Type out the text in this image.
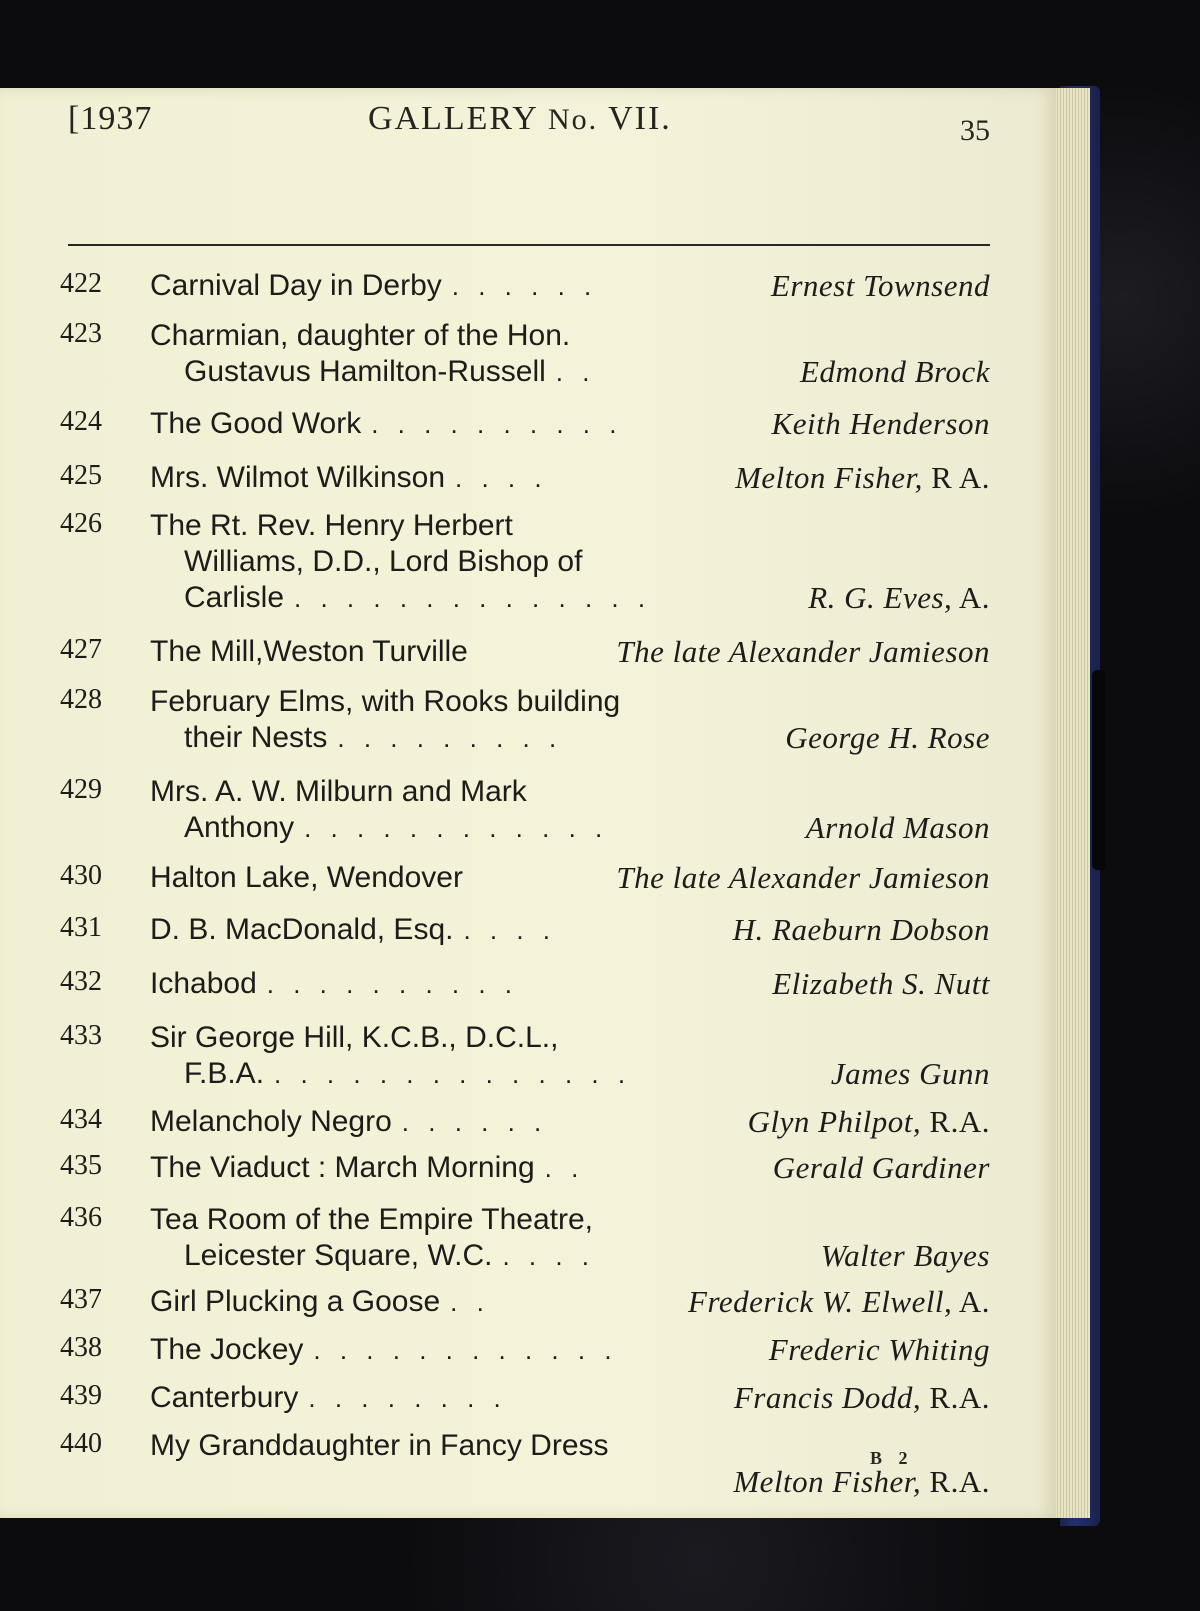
[1937	GALLERY No. VII.	35
422	Carnival Day in Derby . . . . . .	Ernest Townsend
423	Charmian, daughter of the Hon.
Gustavus Hamilton-Russell . .	Edmond Brock
424	The Good Work . . . . . . . . . .	Keith Henderson
425	Mrs. Wilmot Wilkinson . . . .	Melton Fisher, R A.
426	The Rt. Rev. Henry Herbert
Williams, D.D., Lord Bishop of
Carlisle . . . . . . . . . . . . . .	R. G. Eves, A.
427	The Mill,Weston Turville	The late Alexander Jamieson
428	February Elms, with Rooks building
their Nests . . . . . . . . .	George H. Rose
429	Mrs. A. W. Milburn and Mark
Anthony . . . . . . . . . . . .	Arnold Mason
430	Halton Lake, Wendover	The late Alexander Jamieson
431	D. B. MacDonald, Esq. . . . .	H. Raeburn Dobson
432	Ichabod . . . . . . . . . .	Elizabeth S. Nutt
433	Sir George Hill, K.C.B., D.C.L.,
F.B.A. . . . . . . . . . . . . . .	James Gunn
434	Melancholy Negro . . . . . .	Glyn Philpot, R.A.
435	The Viaduct : March Morning . .	Gerald Gardiner
436	Tea Room of the Empire Theatre,
Leicester Square, W.C. . . . .	Walter Bayes
437	Girl Plucking a Goose . .	Frederick W. Elwell, A.
438	The Jockey . . . . . . . . . . . .	Frederic Whiting
439	Canterbury . . . . . . . .	Francis Dodd, R.A.
440	My Granddaughter in Fancy Dress
Melton Fisher, R.A.
B 2
